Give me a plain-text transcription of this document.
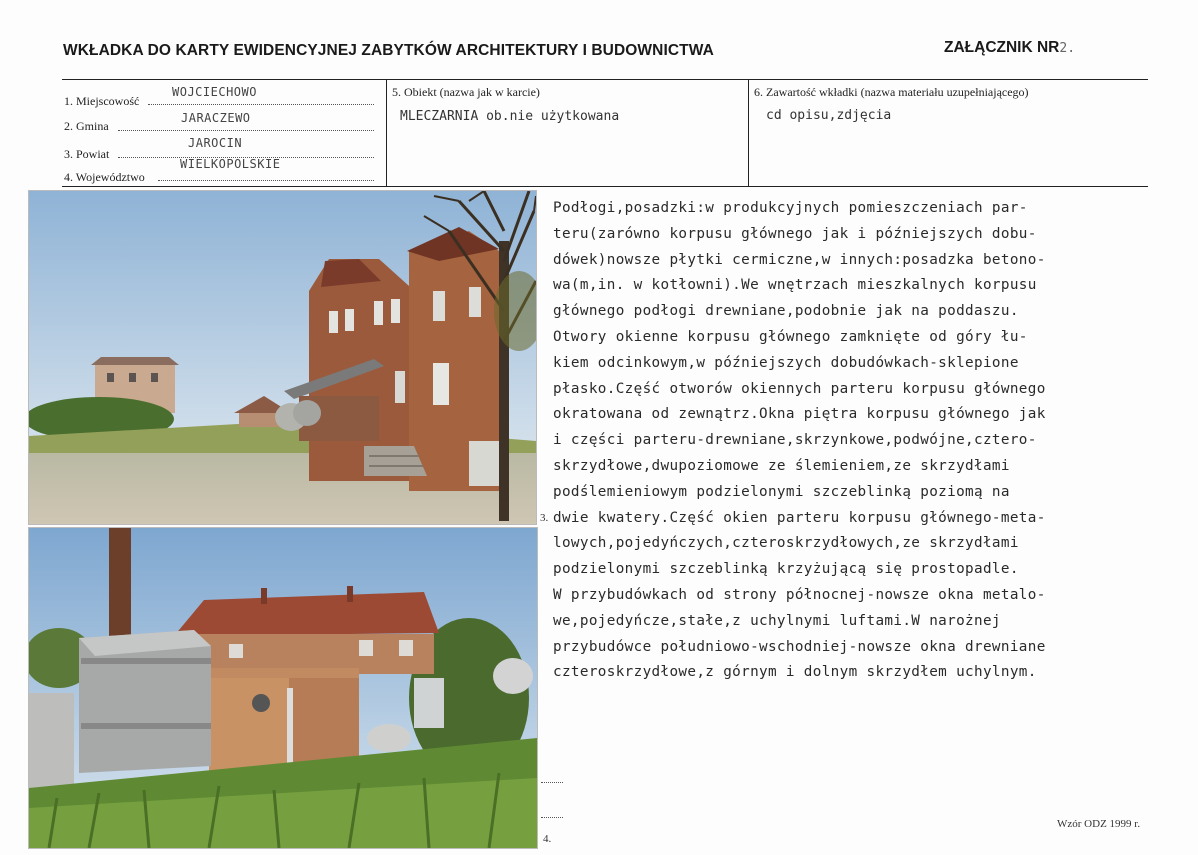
WKŁADKA DO KARTY EWIDENCYJNEJ ZABYTKÓW ARCHITEKTURY I BUDOWNICTWA	ZAŁĄCZNIK NR2.
1. Miejscowość
WOJCIECHOWO
2. Gmina
JARACZEWO
3. Powiat
JAROCIN
4. Województwo
WIELKOPOLSKIE
5. Obiekt (nazwa jak w karcie)
MLECZARNIA ob.nie użytkowana
6. Zawartość wkładki (nazwa materiału uzupełniającego)
cd opisu,zdjęcia
Podłogi,posadzki:w produkcyjnych pomieszczeniach par-
teru(zarówno korpusu głównego jak i późniejszych dobu-
dówek)nowsze płytki cermiczne,w innych:posadzka betono-
wa(m,in. w kotłowni).We wnętrzach mieszkalnych korpusu
głównego podłogi drewniane,podobnie jak na poddaszu.
Otwory okienne korpusu głównego zamknięte od góry łu-
kiem odcinkowym,w późniejszych dobudówkach-sklepione
płasko.Część otworów okiennych parteru korpusu głównego
okratowana od zewnątrz.Okna piętra korpusu głównego jak
i części parteru-drewniane,skrzynkowe,podwójne,cztero-
skrzydłowe,dwupoziomowe ze ślemieniem,ze skrzydłami
podślemieniowym podzielonymi szczeblinką poziomą na
dwie kwatery.Część okien parteru korpusu głównego-meta-
lowych,pojedyńczych,czteroskrzydłowych,ze skrzydłami
podzielonymi szczeblinką krzyżującą się prostopadle.
W przybudówkach od strony północnej-nowsze okna metalo-
we,pojedyńcze,stałe,z uchylnymi luftami.W narożnej
przybudówce południowo-wschodniej-nowsze okna drewniane
czteroskrzydłowe,z górnym i dolnym skrzydłem uchylnym.
3.
4.
Wzór ODZ 1999 r.
